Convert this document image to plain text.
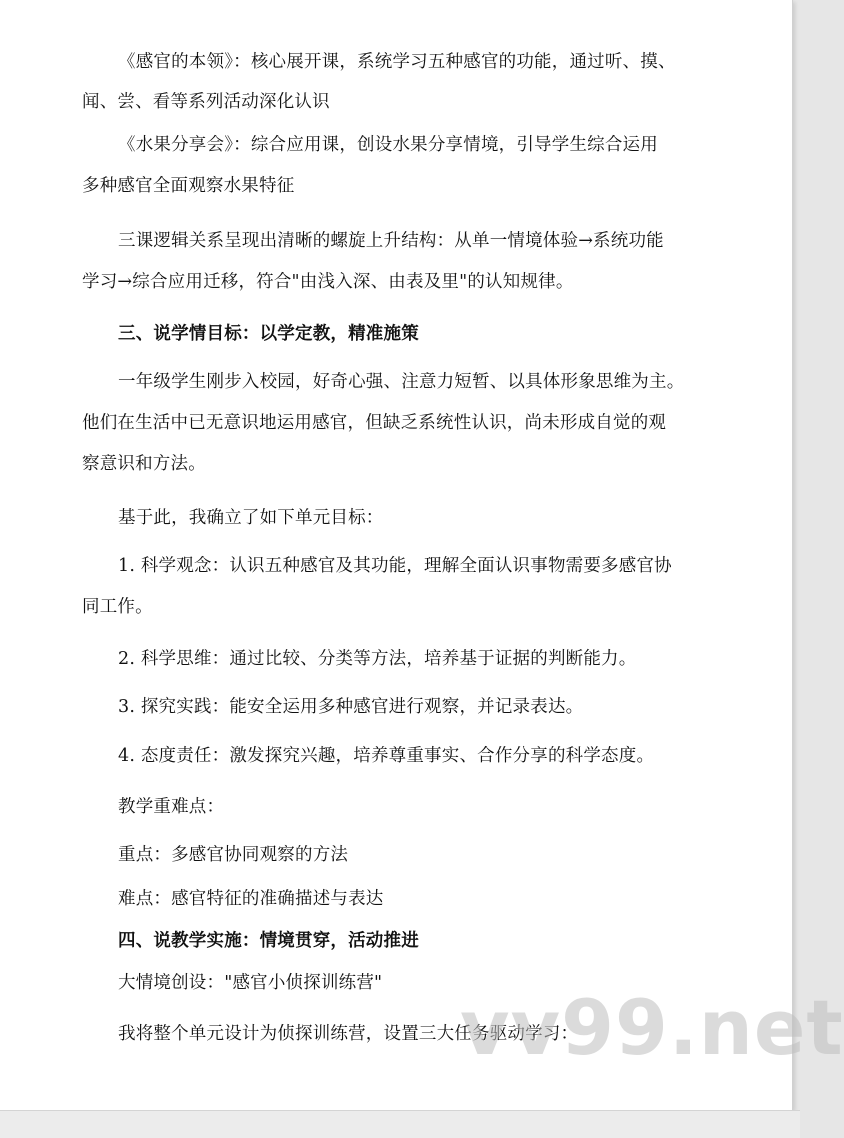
《感官的本领》：核心展开课，系统学习五种感官的功能，通过听、摸、
闻、尝、看等系列活动深化认识
《水果分享会》：综合应用课，创设水果分享情境，引导学生综合运用
多种感官全面观察水果特征
三课逻辑关系呈现出清晰的螺旋上升结构：从单一情境体验→系统功能
学习→综合应用迁移，符合"由浅入深、由表及里"的认知规律。
三、说学情目标：以学定教，精准施策
一年级学生刚步入校园，好奇心强、注意力短暂、以具体形象思维为主。
他们在生活中已无意识地运用感官，但缺乏系统性认识，尚未形成自觉的观
察意识和方法。
基于此，我确立了如下单元目标：
1. 科学观念：认识五种感官及其功能，理解全面认识事物需要多感官协
同工作。
2. 科学思维：通过比较、分类等方法，培养基于证据的判断能力。
3. 探究实践：能安全运用多种感官进行观察，并记录表达。
4. 态度责任：激发探究兴趣，培养尊重事实、合作分享的科学态度。
教学重难点：
重点：多感官协同观察的方法
难点：感官特征的准确描述与表达
四、说教学实施：情境贯穿，活动推进
大情境创设："感官小侦探训练营"
我将整个单元设计为侦探训练营，设置三大任务驱动学习：
vv99.net
